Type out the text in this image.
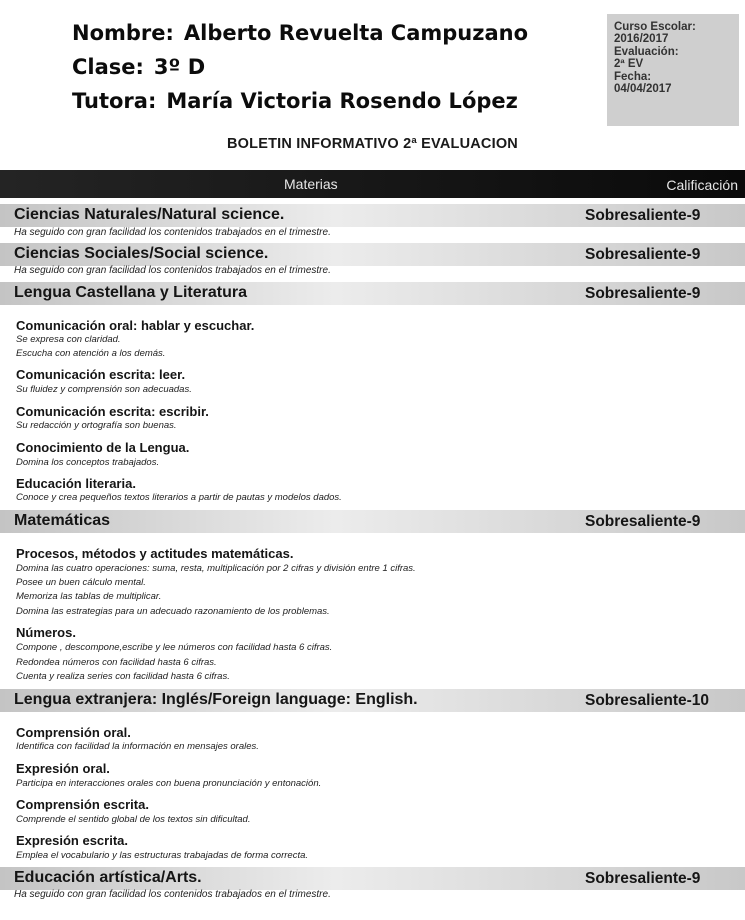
Nombre: Alberto Revuelta Campuzano
Clase: 3º D
Tutora: María Victoria Rosendo López
Curso Escolar:
2016/2017
Evaluación:
2ª EV
Fecha:
04/04/2017
BOLETIN INFORMATIVO 2ª EVALUACION
Materias	Calificación
Ciencias Naturales/Natural science.	Sobresaliente-9
Ha seguido con gran facilidad los contenidos trabajados en el trimestre.
Ciencias Sociales/Social science.	Sobresaliente-9
Ha seguido con gran facilidad los contenidos trabajados en el trimestre.
Lengua Castellana y Literatura	Sobresaliente-9
Comunicación oral: hablar y escuchar.
Se expresa con claridad.
Escucha con atención a los demás.
Comunicación escrita: leer.
Su fluidez y comprensión son adecuadas.
Comunicación escrita: escribir.
Su redacción y ortografía son buenas.
Conocimiento de la Lengua.
Domina los conceptos trabajados.
Educación literaria.
Conoce y crea pequeños textos literarios a partir de pautas y modelos dados.
Matemáticas	Sobresaliente-9
Procesos, métodos y actitudes matemáticas.
Domina las cuatro operaciones: suma, resta, multiplicación por 2 cifras y división entre 1 cifras.
Posee un buen cálculo mental.
Memoriza las tablas de multiplicar.
Domina las estrategias para un adecuado razonamiento de los problemas.
Números.
Compone , descompone,escribe y lee números con facilidad hasta 6 cifras.
Redondea números con facilidad hasta 6 cifras.
Cuenta y realiza series con facilidad hasta 6 cifras.
Lengua extranjera: Inglés/Foreign language: English.	Sobresaliente-10
Comprensión oral.
Identifica con facilidad la información en mensajes orales.
Expresión oral.
Participa en interacciones orales con buena pronunciación y entonación.
Comprensión escrita.
Comprende el sentido global de los textos sin dificultad.
Expresión escrita.
Emplea el vocabulario y las estructuras trabajadas de forma correcta.
Educación artística/Arts.	Sobresaliente-9
Ha seguido con gran facilidad los contenidos trabajados en el trimestre.
